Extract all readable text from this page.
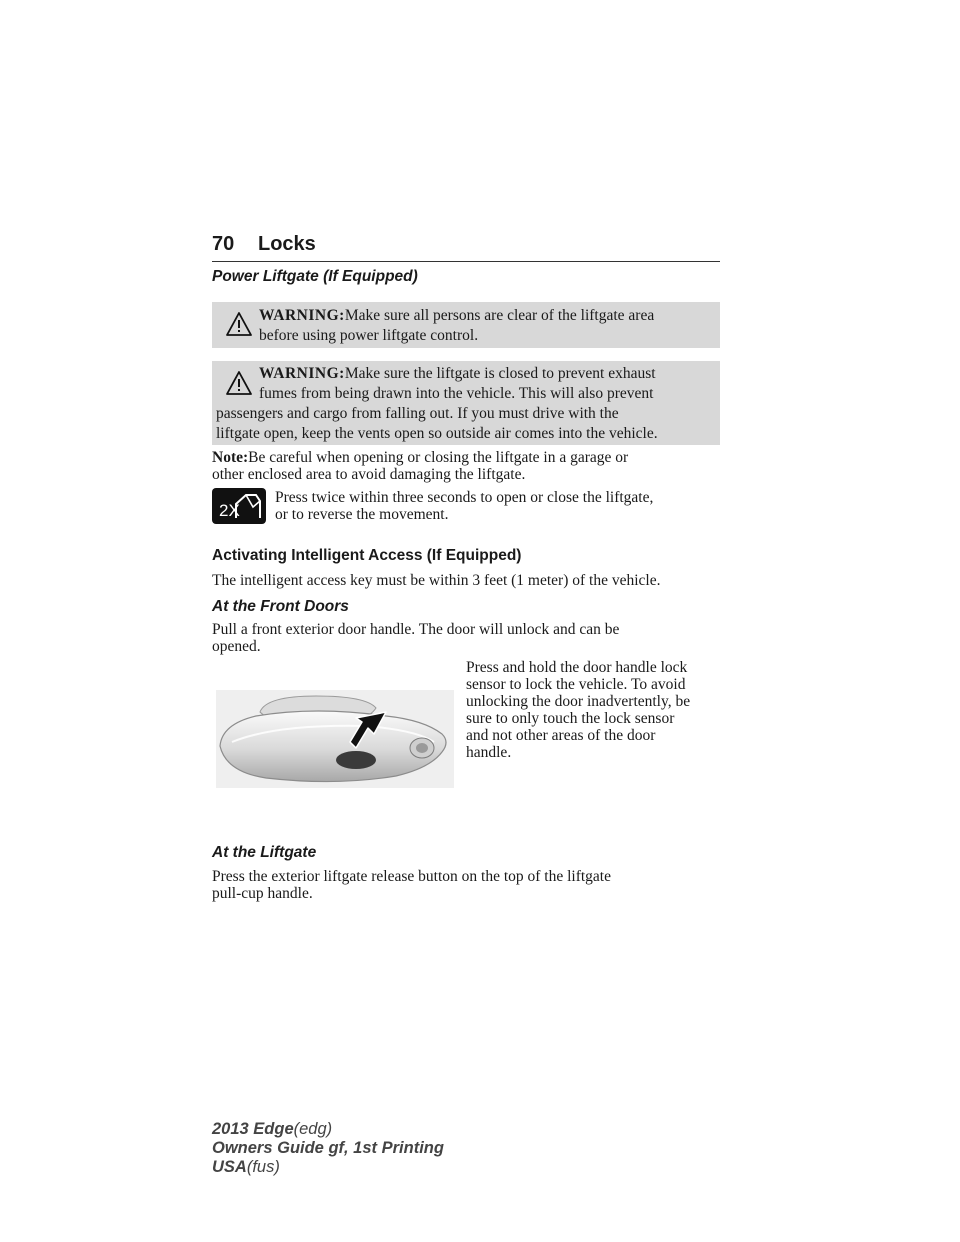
70 Locks
Power Liftgate (If Equipped)
WARNING:Make sure all persons are clear of the liftgate area
before using power liftgate control.
WARNING:Make sure the liftgate is closed to prevent exhaust
fumes from being drawn into the vehicle. This will also prevent
passengers and cargo from falling out. If you must drive with the
liftgate open, keep the vents open so outside air comes into the vehicle.
Note:Be careful when opening or closing the liftgate in a garage or
other enclosed area to avoid damaging the liftgate.
2X
Press twice within three seconds to open or close the liftgate,
or to reverse the movement.
Activating Intelligent Access (If Equipped)
The intelligent access key must be within 3 feet (1 meter) of the vehicle.
At the Front Doors
Pull a front exterior door handle. The door will unlock and can be
opened.
Press and hold the door handle lock
sensor to lock the vehicle. To avoid
unlocking the door inadvertently, be
sure to only touch the lock sensor
and not other areas of the door
handle.
At the Liftgate
Press the exterior liftgate release button on the top of the liftgate
pull-cup handle.
2013 Edge(edg)
Owners Guide gf, 1st Printing
USA(fus)
